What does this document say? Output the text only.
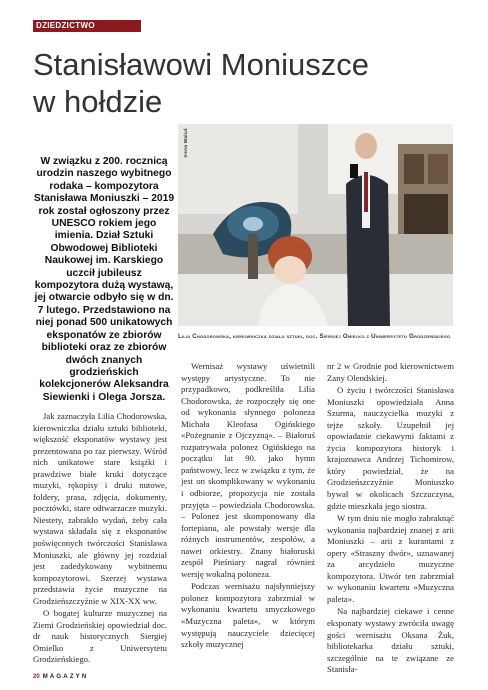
DZIEDZICTWO
Stanisławowi Moniuszce
w hołdzie

W związku z 200. rocznicą urodzin naszego wybitnego rodaka – kompozytora Stanisława Moniuszki – 2019 rok został ogłoszony przez UNESCO rokiem jego imienia. Dział Sztuki Obwodowej Biblioteki Naukowej im. Karskiego uczcił jubileusz kompozytora dużą wystawą, jej otwarcie odbyło się w dn. 7 lutego. Przedstawiono na niej ponad 500 unikatowych eksponatów ze zbiorów biblioteki oraz ze zbiorów dwóch znanych grodzieńskich kolekcjonerów Aleksandra Siewienki i Olega Jorsza.

Irena Waluś
Lilia Chodorowska, kierowniczka działu sztuki, doc. Siergiej Omielko z Uniwersytetu Grodzieńskiego

Jak zaznaczyła Lilia Chodorowska, kierowniczka działu sztuki biblioteki, większość eksponatów wystawy jest prezentowana po raz pierwszy. Wśród nich unikatowe stare książki i prawdziwe białe kruki dotyczące muzyki, rękopisy i druki nutowe, foldery, prasa, zdjęcia, dokumenty, pocztówki, stare odtwarzacze muzyki. Niestety, zabrakło wydań, żeby cała wystawa składała się z eksponatów poświęconych twórczości Stanisława Moniuszki, ale główny jej rozdział jest zadedykowany wybitnemu kompozytorowi. Szerzej wystawa przedstawia życie muzyczne na Grodzieńszczyźnie w XIX-XX ww.

O bogatej kulturze muzycznej na Ziemi Grodzieńskiej opowiedział doc. dr nauk historycznych Siergiej Omielko z Uniwersytetu Grodzieńskiego.

Wernisaż wystawy uświetnili występy artystyczne. To nie przypadkowo, podkreśliła Lilia Chodorowska, że rozpoczęły się one od wykonania słynnego poloneza Michała Kleofasa Ogińskiego «Pożegnanie z Ojczyzną». – Białoruś rozpatrywała polonez Ogińskiego na początku lat 90. jako hymn państwowy, lecz w związku z tym, że jest on skomplikowany w wykonaniu i odbiorze, propozycja nie została przyjęta – powiedziała Chodorowska. – Polonez jest skomponowany dla fortepianu, ale powstały wersje dla różnych instrumentów, zespołów, a nawet orkiestry. Znany białoruski zespół Pieśniary nagrał również wersję wokalną poloneza.

Podczas wernisażu najsłynniejszy polonez kompozytora zabrzmiał w wykonaniu kwartetu smyczkowego «Muzyczna paleta», w którym występują nauczyciele dziecięcej szkoły muzycznej

nr 2 w Grodnie pod kierownictwem Zany Olendskiej.

O życiu i twórczości Stanisława Moniuszki opowiedziała Anna Szurma, nauczycielka muzyki z tejże szkoły. Uzupełnił jej opowiadanie ciekawymi faktami z życia kompozytora historyk i krajoznawca Andrzej Tichomirow, który powiedział, że na Grodzieńszczyźnie Moniuszko bywał w okolicach Szczuczyna, gdzie mieszkała jego siostra.

W tym dniu nie mogło zabraknąć wykonania najbardziej znanej z arii Moniuszki – arii z kurantami z opery «Straszny dwór», uznawanej za arcydzieło muzyczne kompozytora. Utwór ten zabrzmiał w wykonaniu kwartetu «Muzyczna paleta».

Na najbardziej ciekawe i cenne eksponaty wystawy zwróciła uwagę gości wernisażu Oksana Żuk, bibliotekarka działu sztuki, szczególnie na te związane ze Stanisła-

20 MAGAZYN
